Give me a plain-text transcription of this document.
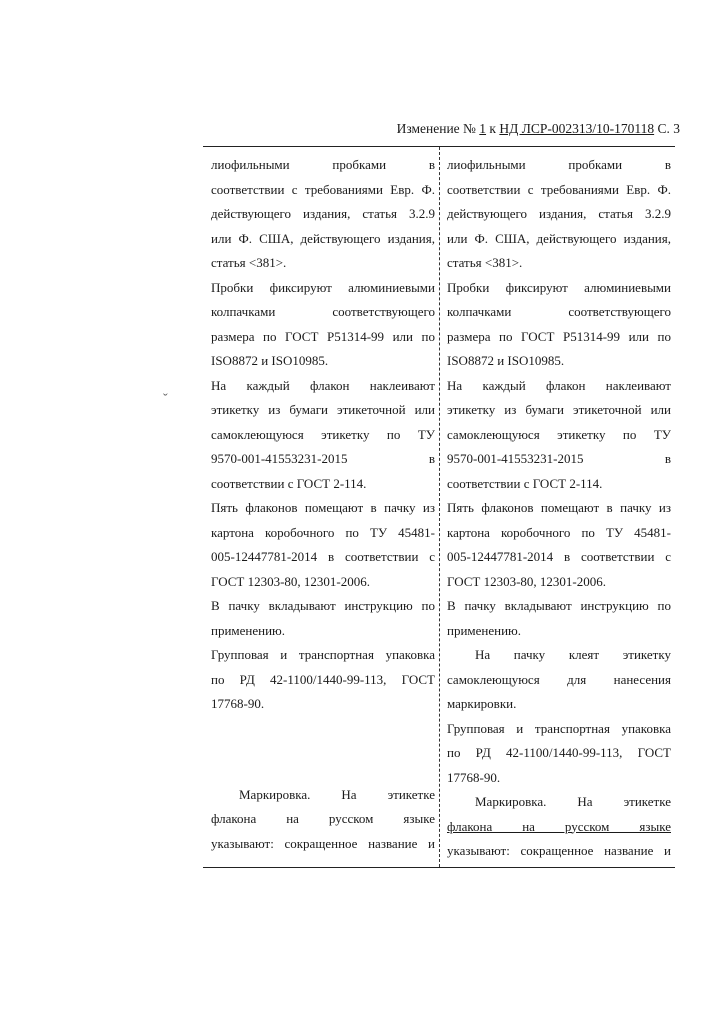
Изменение № 1 к НД ЛСР-002313/10-170118 С. 3
ˇ

лиофильными пробками в

соответствии с требованиями Евр. Ф.

действующего издания, статья 3.2.9

или Ф. США, действующего издания,

статья <381>.

Пробки фиксируют алюминиевыми

колпачками соответствующего

размера по ГОСТ Р51314-99 или по

ISO8872 и ISO10985.

На каждый флакон наклеивают

этикетку из бумаги этикеточной или

самоклеющуюся этикетку по ТУ

9570-001-41553231-2015 в

соответствии с ГОСТ 2-114.

Пять флаконов помещают в пачку из

картона коробочного по ТУ 45481-

005-12447781-2014 в соответствии с

ГОСТ 12303-80, 12301-2006.

В пачку вкладывают инструкцию по

применению.

Групповая и транспортная упаковка

по РД 42-1100/1440-99-113, ГОСТ

17768-90.

Маркировка. На этикетке

флакона на русском языке

указывают: сокращенное название и

лиофильными пробками в

соответствии с требованиями Евр. Ф.

действующего издания, статья 3.2.9

или Ф. США, действующего издания,

статья <381>.

Пробки фиксируют алюминиевыми

колпачками соответствующего

размера по ГОСТ Р51314-99 или по

ISO8872 и ISO10985.

На каждый флакон наклеивают

этикетку из бумаги этикеточной или

самоклеющуюся этикетку по ТУ

9570-001-41553231-2015 в

соответствии с ГОСТ 2-114.

Пять флаконов помещают в пачку из

картона коробочного по ТУ 45481-

005-12447781-2014 в соответствии с

ГОСТ 12303-80, 12301-2006.

В пачку вкладывают инструкцию по

применению.

На пачку клеят этикетку

самоклеющуюся для нанесения

маркировки.

Групповая и транспортная упаковка

по РД 42-1100/1440-99-113, ГОСТ

17768-90.

Маркировка. На этикетке

флакона на русском языке

указывают: сокращенное название и
